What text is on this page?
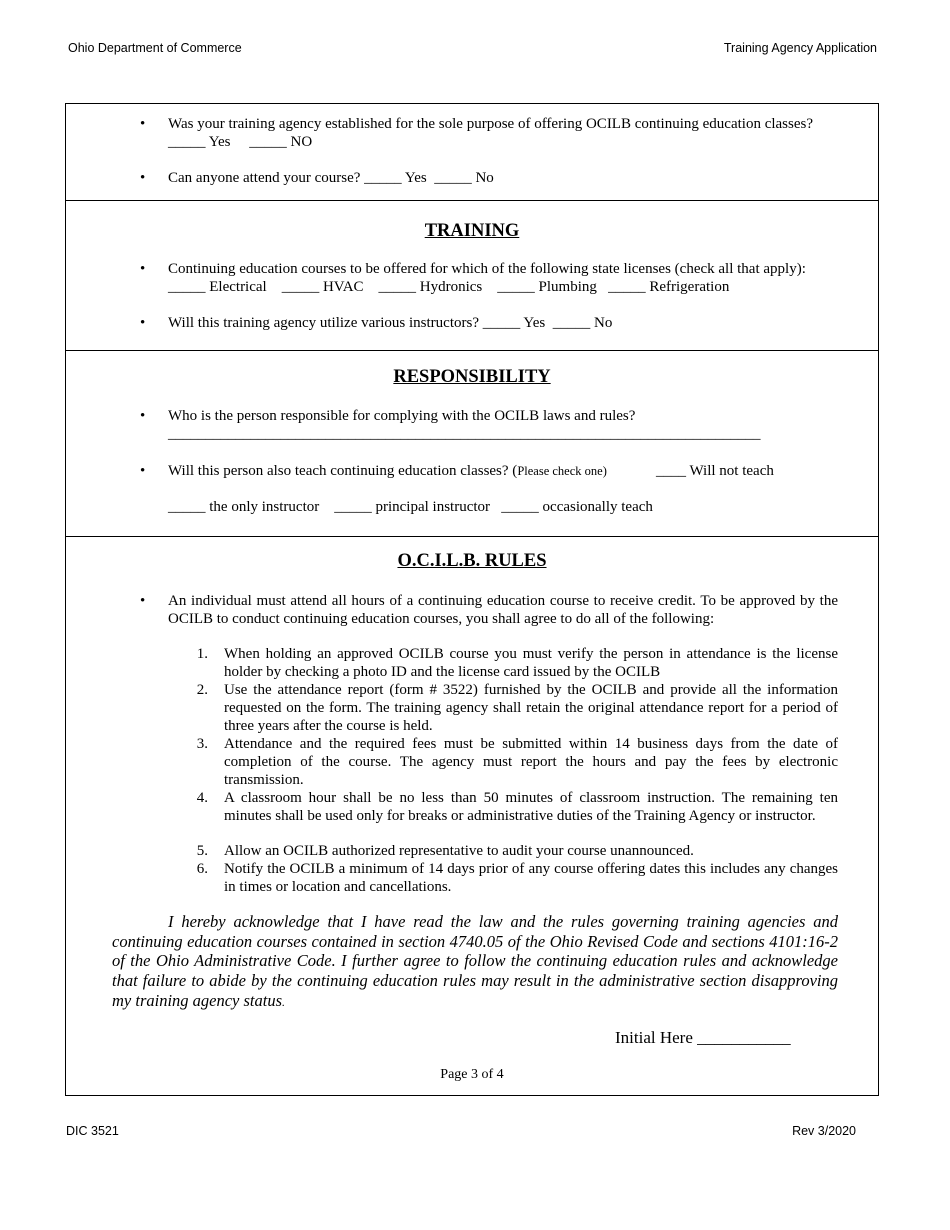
Ohio Department of Commerce	Training Agency Application
• Was your training agency established for the sole purpose of offering OCILB continuing education classes?
_____ Yes     _____ NO
• Can anyone attend your course? _____ Yes  _____ No
TRAINING
• Continuing education courses to be offered for which of the following state licenses (check all that apply):
_____ Electrical    _____ HVAC    _____ Hydronics    _____ Plumbing   _____ Refrigeration
• Will this training agency utilize various instructors? _____ Yes  _____ No
RESPONSIBILITY
• Who is the person responsible for complying with the OCILB laws and rules?
_______________________________________________________________________________
• Will this person also teach continuing education classes? (Please check one)	____ Will not teach
_____ the only instructor    _____ principal instructor   _____ occasionally teach
O.C.I.L.B. RULES
• An individual must attend all hours of a continuing education course to receive credit. To be approved by the OCILB to conduct continuing education courses, you shall agree to do all of the following:
1. When holding an approved OCILB course you must verify the person in attendance is the license holder by checking a photo ID and the license card issued by the OCILB
2. Use the attendance report (form # 3522) furnished by the OCILB and provide all the information requested on the form. The training agency shall retain the original attendance report for a period of three years after the course is held.
3. Attendance and the required fees must be submitted within 14 business days from the date of completion of the course. The agency must report the hours and pay the fees by electronic transmission.
4. A classroom hour shall be no less than 50 minutes of classroom instruction. The remaining ten minutes shall be used only for breaks or administrative duties of the Training Agency or instructor.
5. Allow an OCILB authorized representative to audit your course unannounced.
6. Notify the OCILB a minimum of 14 days prior of any course offering dates this includes any changes in times or location and cancellations.
I hereby acknowledge that I have read the law and the rules governing training agencies and continuing education courses contained in section 4740.05 of the Ohio Revised Code and sections 4101:16-2 of the Ohio Administrative Code. I further agree to follow the continuing education rules and acknowledge that failure to abide by the continuing education rules may result in the administrative section disapproving my training agency status.
Initial Here ___________
Page 3 of 4
DIC 3521	Rev 3/2020
